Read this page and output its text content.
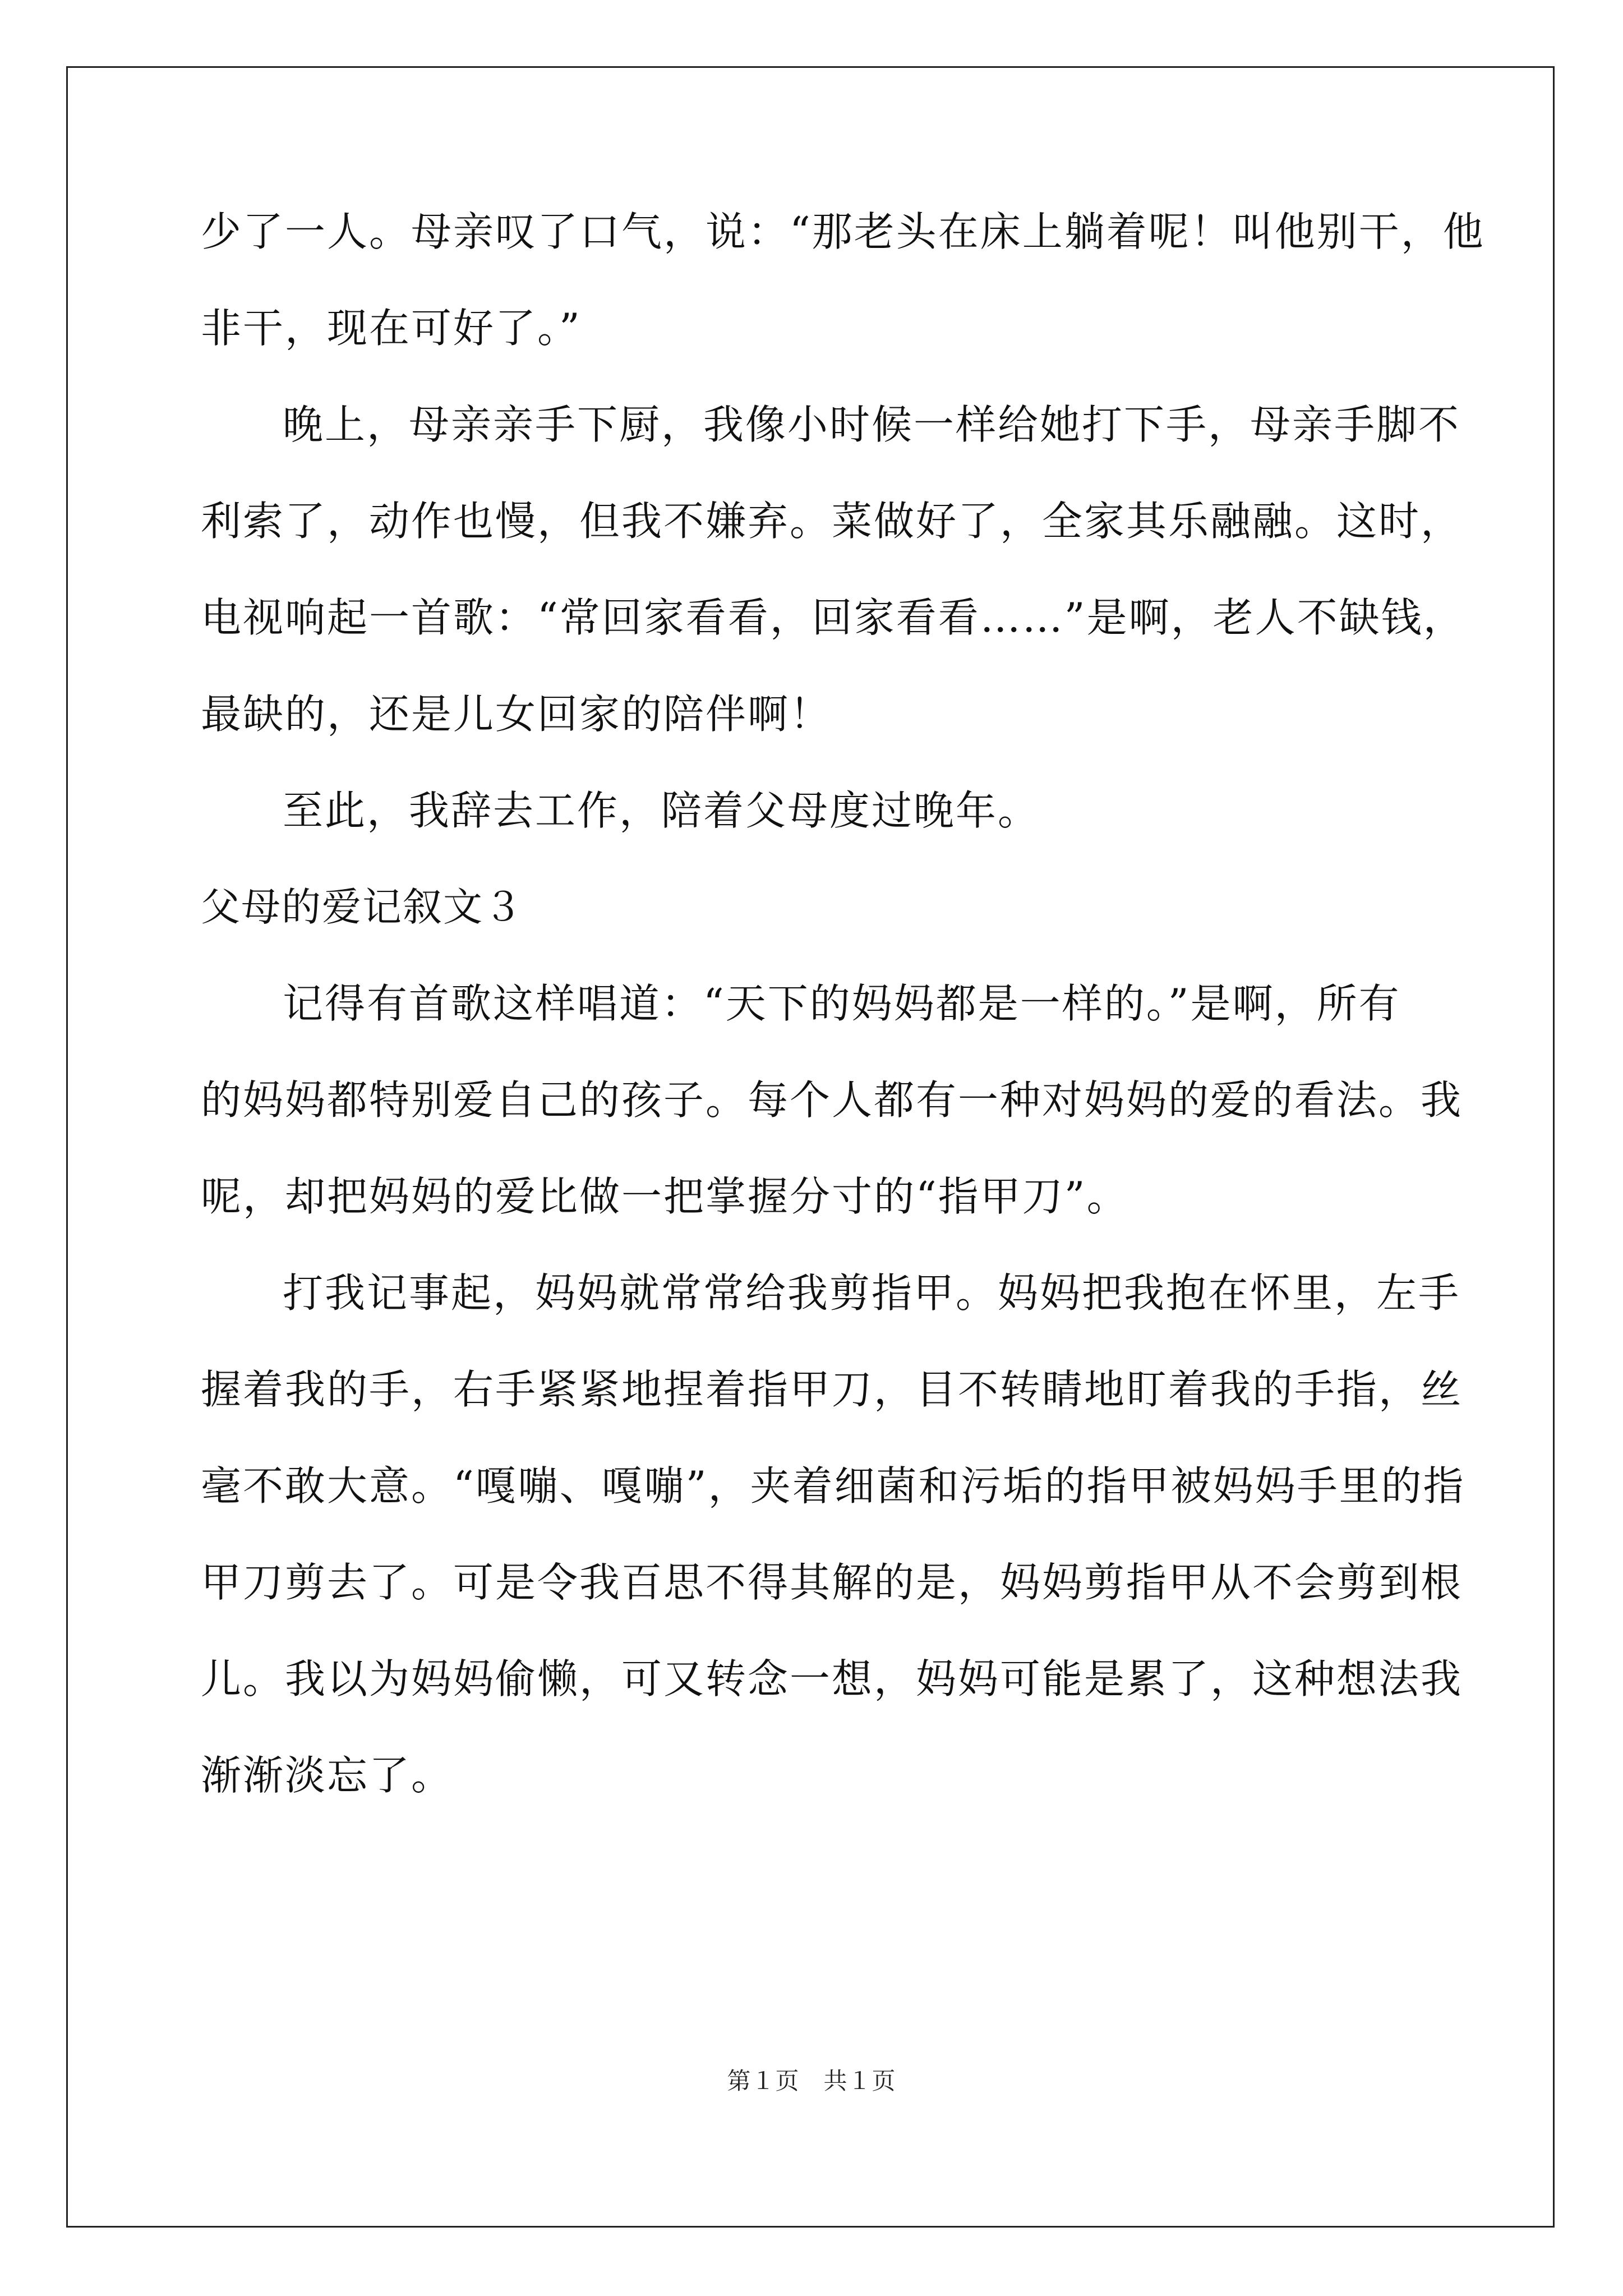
少了一人。母亲叹了口气，说：“那老头在床上躺着呢！叫他别干，他
非干，现在可好了。”
晚上，母亲亲手下厨，我像小时候一样给她打下手，母亲手脚不
利索了，动作也慢，但我不嫌弃。菜做好了，全家其乐融融。这时，
电视响起一首歌：“常回家看看，回家看看……”是啊，老人不缺钱，
最缺的，还是儿女回家的陪伴啊！
至此，我辞去工作，陪着父母度过晚年。
父母的爱记叙文３
记得有首歌这样唱道：“天下的妈妈都是一样的。”是啊，所有
的妈妈都特别爱自己的孩子。每个人都有一种对妈妈的爱的看法。我
呢，却把妈妈的爱比做一把掌握分寸的“指甲刀”。
打我记事起，妈妈就常常给我剪指甲。妈妈把我抱在怀里，左手
握着我的手，右手紧紧地捏着指甲刀，目不转睛地盯着我的手指，丝
毫不敢大意。“嘎嘣、嘎嘣”，夹着细菌和污垢的指甲被妈妈手里的指
甲刀剪去了。可是令我百思不得其解的是，妈妈剪指甲从不会剪到根
儿。我以为妈妈偷懒，可又转念一想，妈妈可能是累了，这种想法我
渐渐淡忘了。
第１页　共１页
